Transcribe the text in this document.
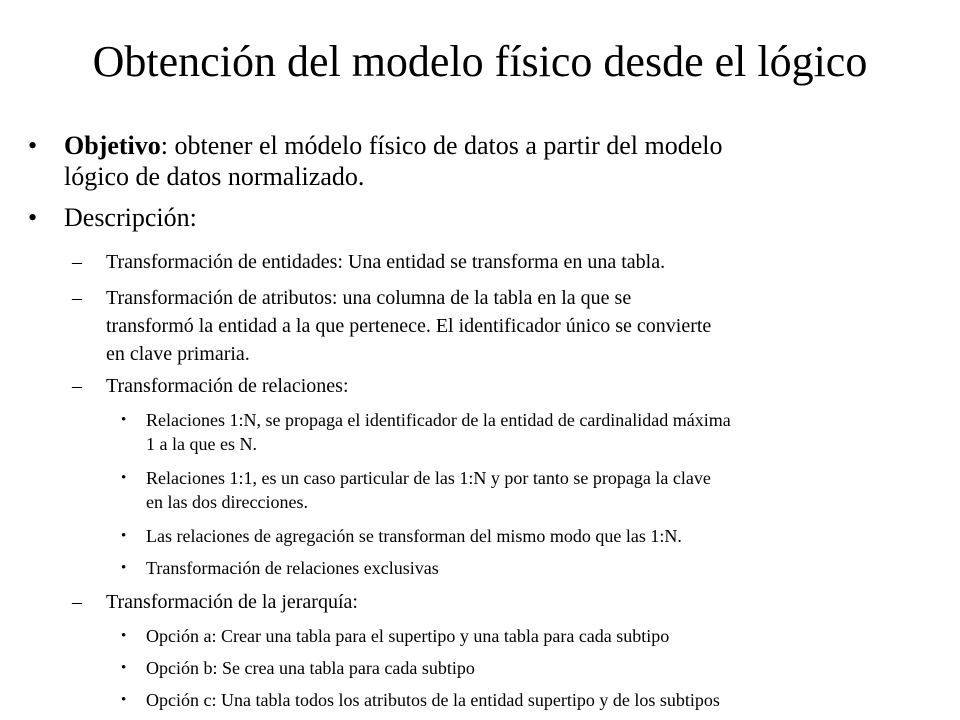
Obtención del modelo físico desde el lógico
• Objetivo: obtener el módelo físico de datos a partir del modelo
lógico de datos normalizado.
• Descripción:
– Transformación de entidades: Una entidad se transforma en una tabla.
– Transformación de atributos: una columna de la tabla en la que se
transformó la entidad a la que pertenece. El identificador único se convierte
en clave primaria.
– Transformación de relaciones:
• Relaciones 1:N, se propaga el identificador de la entidad de cardinalidad máxima
1 a la que es N.
• Relaciones 1:1, es un caso particular de las 1:N y por tanto se propaga la clave
en las dos direcciones.
• Las relaciones de agregación se transforman del mismo modo que las 1:N.
• Transformación de relaciones exclusivas
– Transformación de la jerarquía:
• Opción a: Crear una tabla para el supertipo y una tabla para cada subtipo
• Opción b: Se crea una tabla para cada subtipo
• Opción c: Una tabla todos los atributos de la entidad supertipo y de los subtipos
